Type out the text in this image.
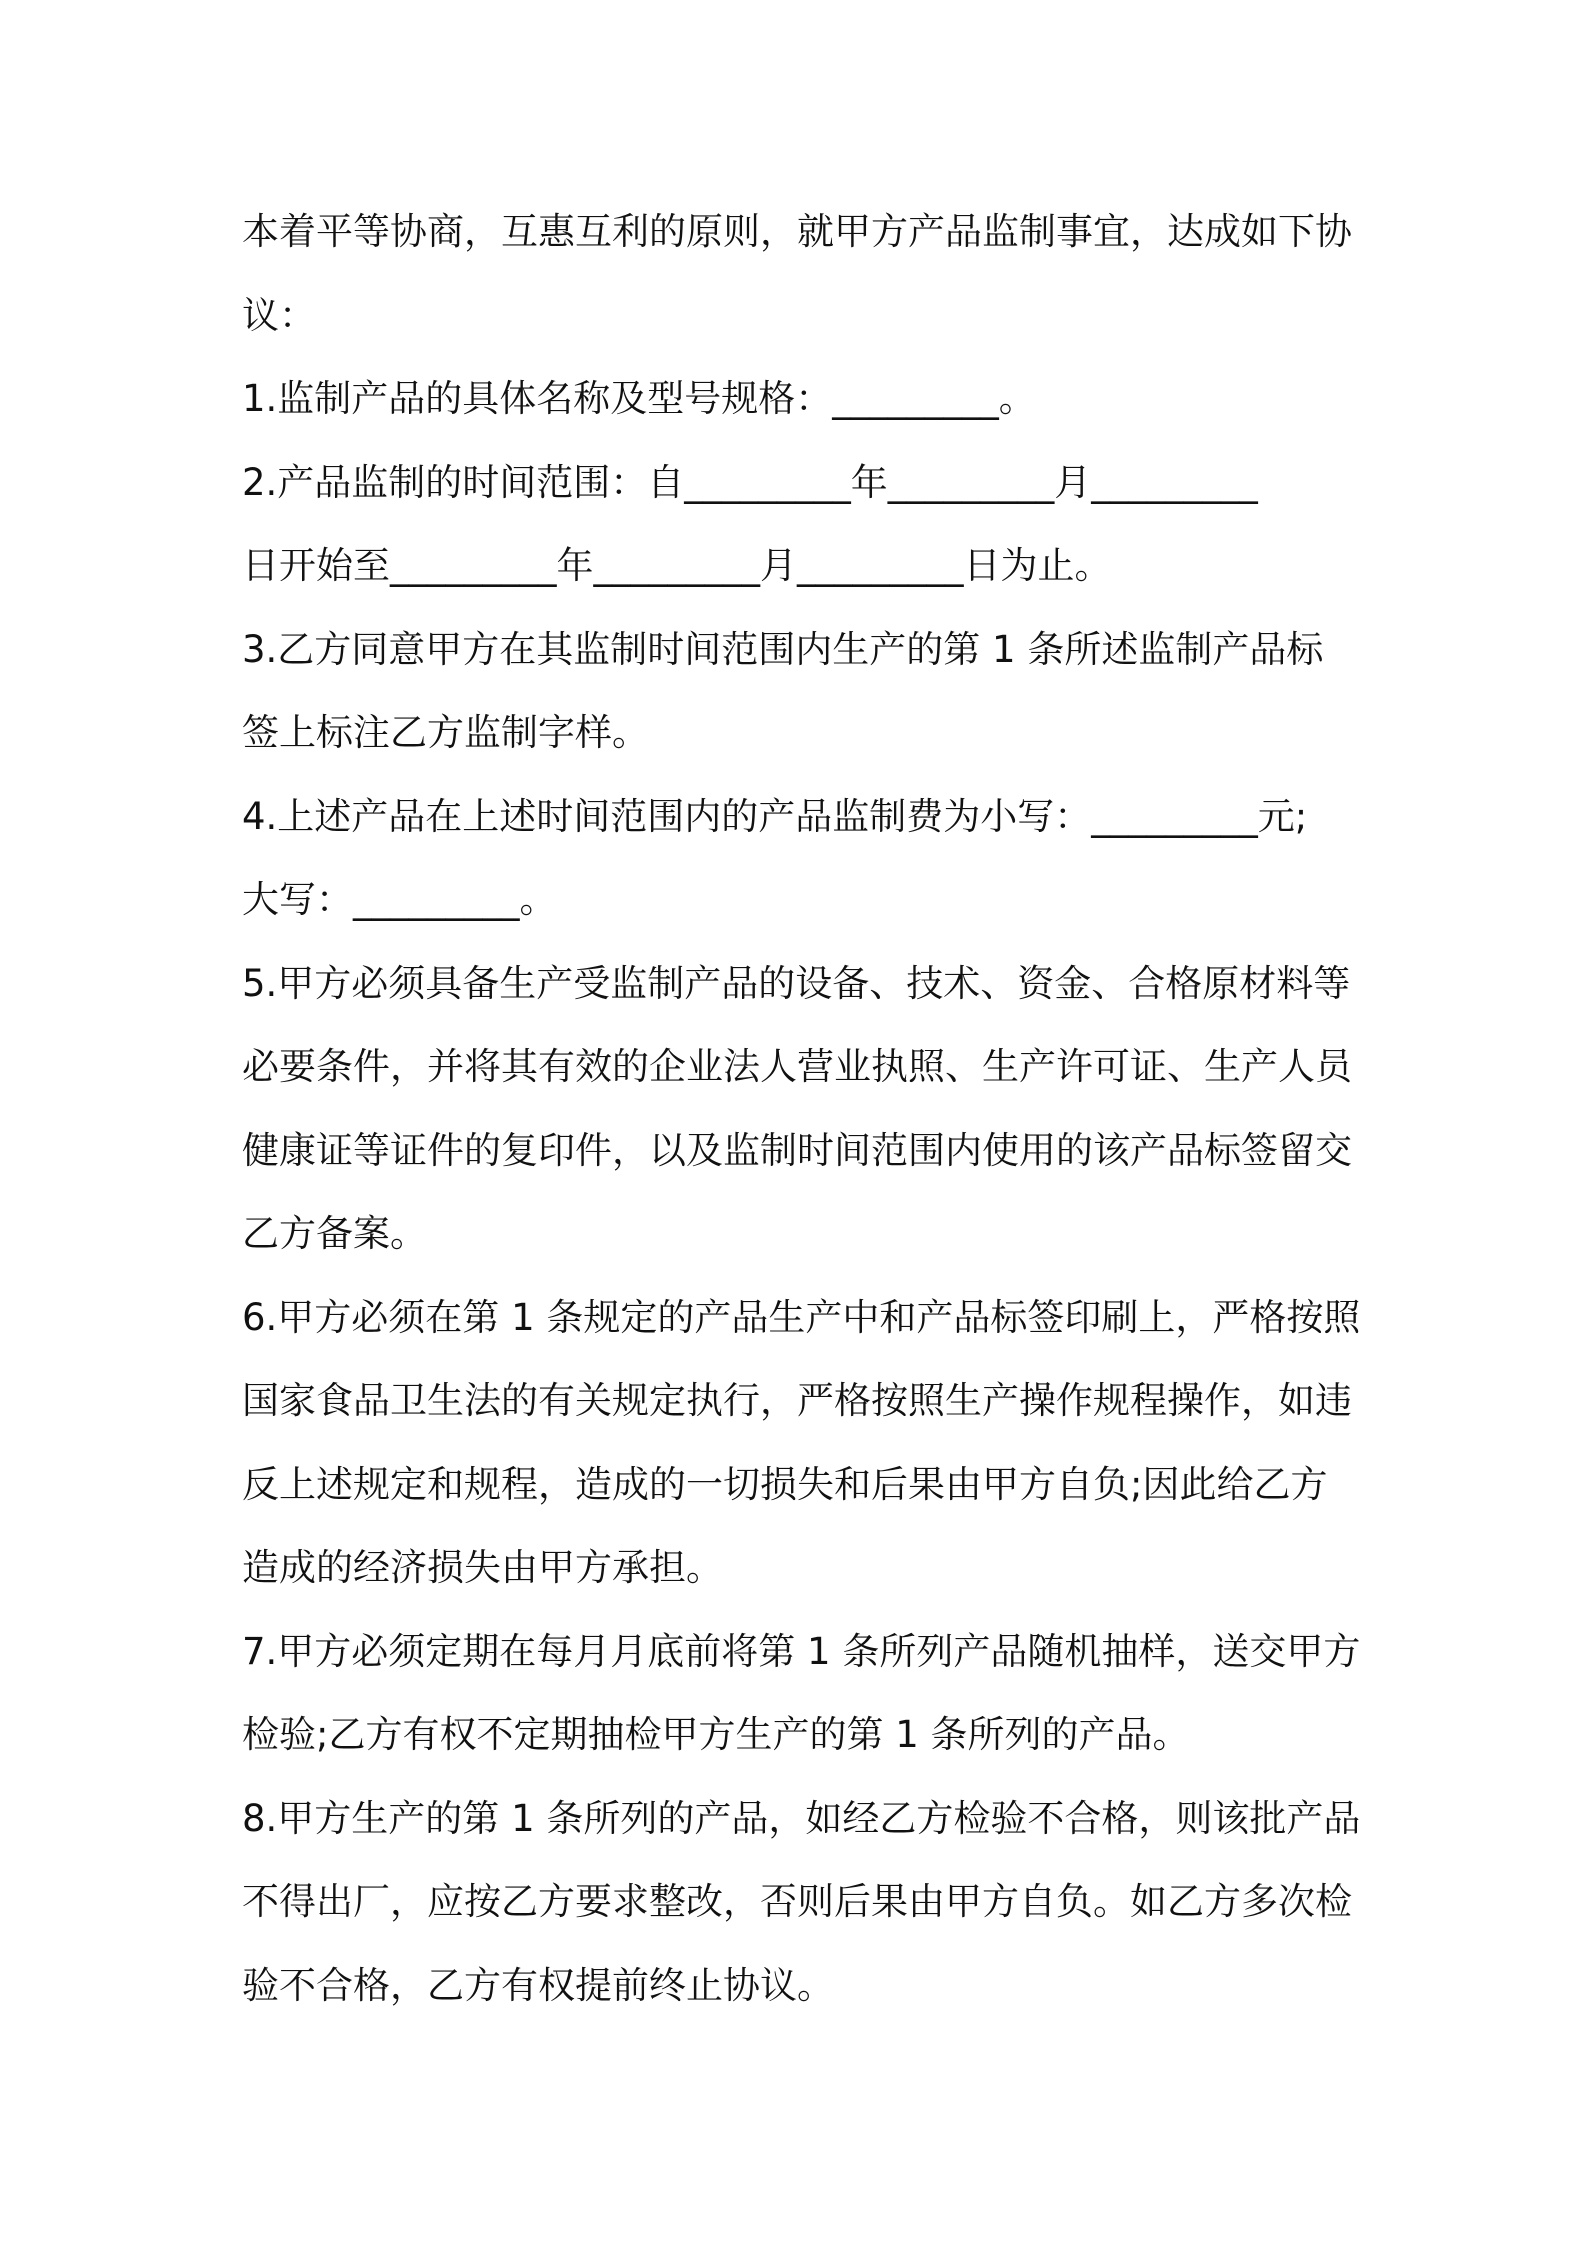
本着平等协商，互惠互利的原则，就甲方产品监制事宜，达成如下协
议：
1.监制产品的具体名称及型号规格：_________。
2.产品监制的时间范围：自_________年_________月_________
日开始至_________年_________月_________日为止。
3.乙方同意甲方在其监制时间范围内生产的第 1 条所述监制产品标
签上标注乙方监制字样。
4.上述产品在上述时间范围内的产品监制费为小写：_________元;
大写：_________。
5.甲方必须具备生产受监制产品的设备、技术、资金、合格原材料等
必要条件，并将其有效的企业法人营业执照、生产许可证、生产人员
健康证等证件的复印件，以及监制时间范围内使用的该产品标签留交
乙方备案。
6.甲方必须在第 1 条规定的产品生产中和产品标签印刷上，严格按照
国家食品卫生法的有关规定执行，严格按照生产操作规程操作，如违
反上述规定和规程，造成的一切损失和后果由甲方自负;因此给乙方
造成的经济损失由甲方承担。
7.甲方必须定期在每月月底前将第 1 条所列产品随机抽样，送交甲方
检验;乙方有权不定期抽检甲方生产的第 1 条所列的产品。
8.甲方生产的第 1 条所列的产品，如经乙方检验不合格，则该批产品
不得出厂，应按乙方要求整改，否则后果由甲方自负。如乙方多次检
验不合格，乙方有权提前终止协议。
